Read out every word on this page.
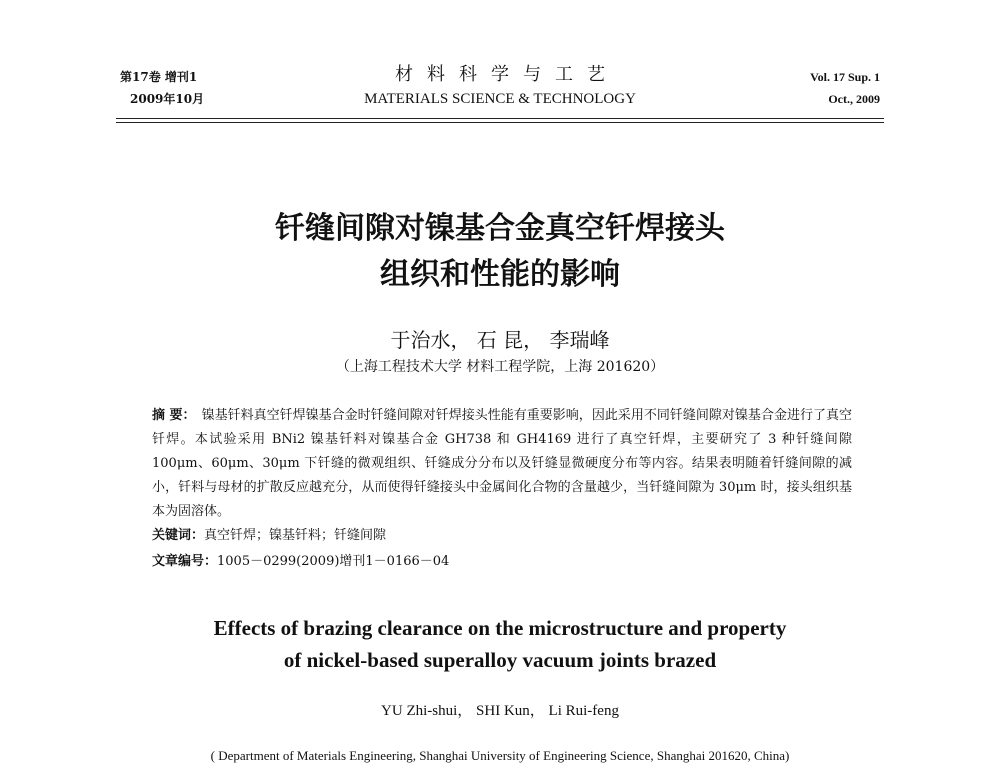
第17卷 增刊1
2009年10月
材料科学与工艺
MATERIALS SCIENCE & TECHNOLOGY
Vol. 17 Sup. 1
Oct., 2009
钎缝间隙对镍基合金真空钎焊接头
组织和性能的影响
于治水， 石 昆， 李瑞峰
（上海工程技术大学 材料工程学院，上海 201620）
摘 要： 镍基钎料真空钎焊镍基合金时钎缝间隙对钎焊接头性能有重要影响，因此采用不同钎缝间隙对镍基合金进行了真空钎焊。本试验采用 BNi2 镍基钎料对镍基合金 GH738 和 GH4169 进行了真空钎焊，主要研究了 3 种钎缝间隙 100μm、60μm、30μm 下钎缝的微观组织、钎缝成分分布以及钎缝显微硬度分布等内容。结果表明随着钎缝间隙的减小，钎料与母材的扩散反应越充分，从而使得钎缝接头中金属间化合物的含量越少，当钎缝间隙为 30μm 时，接头组织基本为固溶体。
关键词：真空钎焊；镍基钎料；钎缝间隙
文章编号：1005－0299(2009)增刊1－0166－04
Effects of brazing clearance on the microstructure and property
of nickel-based superalloy vacuum joints brazed
YU Zhi-shui， SHI Kun， Li Rui-feng
( Department of Materials Engineering, Shanghai University of Engineering Science, Shanghai 201620, China)
